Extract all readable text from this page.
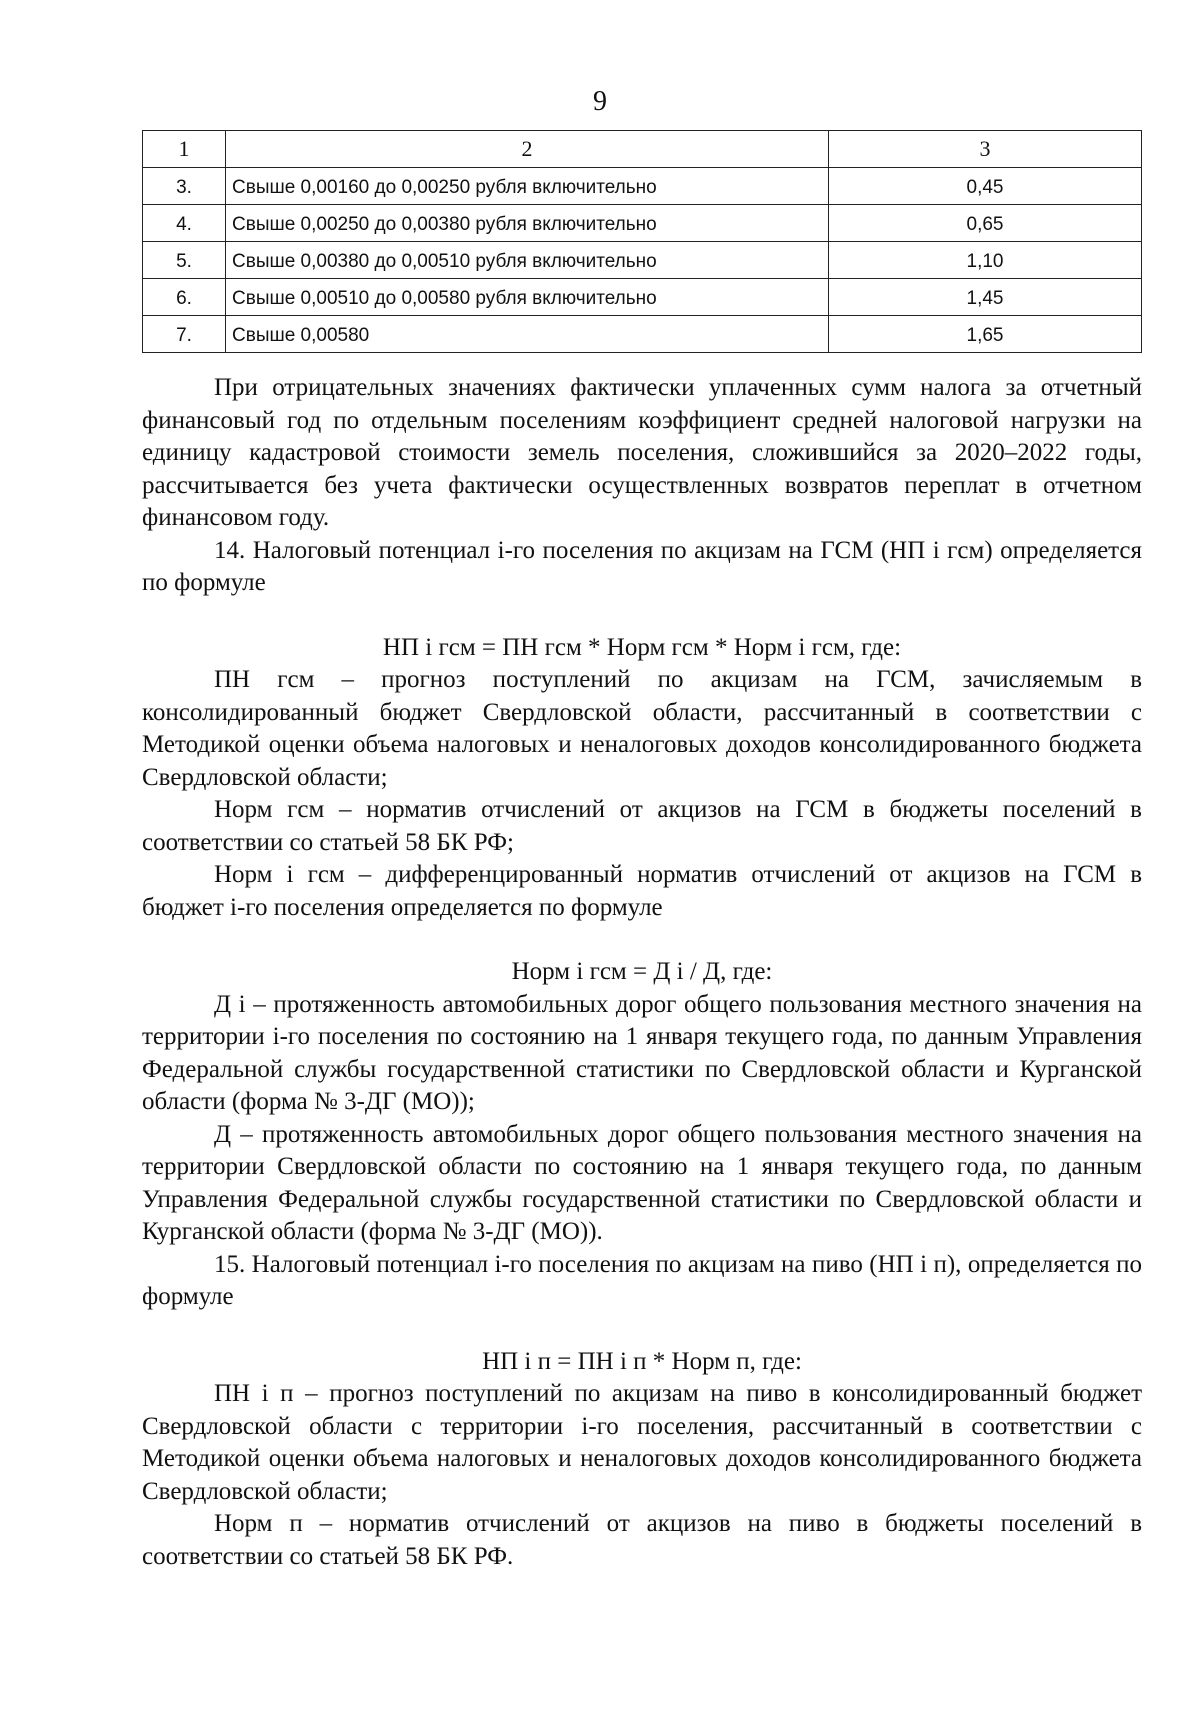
9
1	2	3
3.	Свыше 0,00160 до 0,00250 рубля включительно	0,45
4.	Свыше 0,00250 до 0,00380 рубля включительно	0,65
5.	Свыше 0,00380 до 0,00510 рубля включительно	1,10
6.	Свыше 0,00510 до 0,00580 рубля включительно	1,45
7.	Свыше 0,00580	1,65

При отрицательных значениях фактически уплаченных сумм налога за отчетный финансовый год по отдельным поселениям коэффициент средней налоговой нагрузки на единицу кадастровой стоимости земель поселения, сложившийся за 2020–2022 годы, рассчитывается без учета фактически осуществленных возвратов переплат в отчетном финансовом году.

14. Налоговый потенциал i-го поселения по акцизам на ГСМ (НП i гсм) определяется по формуле

НП i гсм = ПН гсм * Норм гсм * Норм i гсм, где:

ПН гсм – прогноз поступлений по акцизам на ГСМ, зачисляемым в консолидированный бюджет Свердловской области, рассчитанный в соответствии с Методикой оценки объема налоговых и неналоговых доходов консолидированного бюджета Свердловской области;

Норм гсм – норматив отчислений от акцизов на ГСМ в бюджеты поселений в соответствии со статьей 58 БК РФ;

Норм i гсм – дифференцированный норматив отчислений от акцизов на ГСМ в бюджет i-го поселения определяется по формуле

Норм i гсм = Д i / Д, где:

Д i – протяженность автомобильных дорог общего пользования местного значения на территории i-го поселения по состоянию на 1 января текущего года, по данным Управления Федеральной службы государственной статистики по Свердловской области и Курганской области (форма № 3-ДГ (МО));

Д – протяженность автомобильных дорог общего пользования местного значения на территории Свердловской области по состоянию на 1 января текущего года, по данным Управления Федеральной службы государственной статистики по Свердловской области и Курганской области (форма № 3-ДГ (МО)).

15. Налоговый потенциал i-го поселения по акцизам на пиво (НП i п), определяется по формуле

НП i п = ПН i п * Норм п, где:

ПН i п – прогноз поступлений по акцизам на пиво в консолидированный бюджет Свердловской области с территории i-го поселения, рассчитанный в соответствии с Методикой оценки объема налоговых и неналоговых доходов консолидированного бюджета Свердловской области;

Норм п – норматив отчислений от акцизов на пиво в бюджеты поселений в соответствии со статьей 58 БК РФ.
